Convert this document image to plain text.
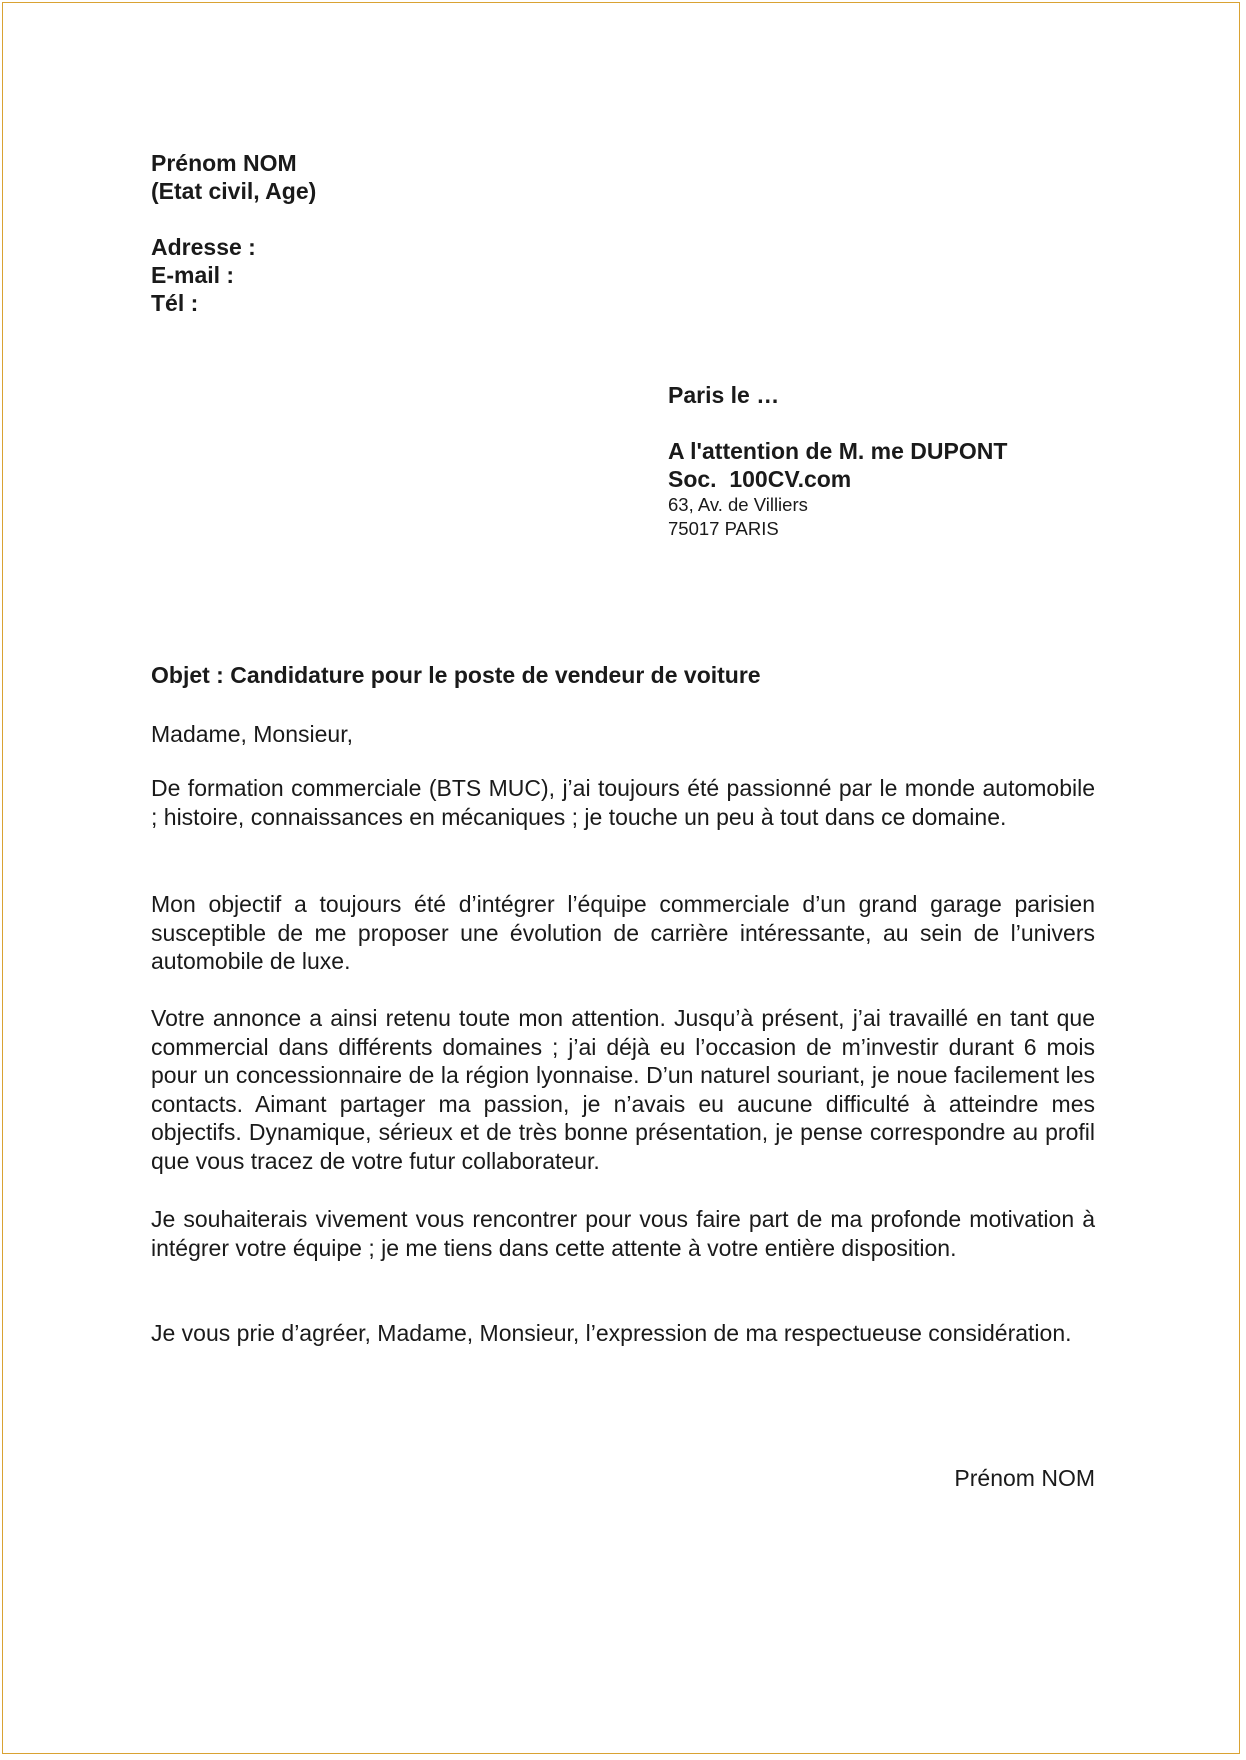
Prénom NOM
(Etat civil, Age)
Adresse :
E-mail :
Tél :
Paris le …
A l'attention de M. me DUPONT
Soc.  100CV.com
63, Av. de Villiers
75017 PARIS
Objet : Candidature pour le poste de vendeur de voiture
Madame, Monsieur,
De formation commerciale (BTS MUC), j’ai toujours été passionné par le monde automobile ; histoire, connaissances en mécaniques ; je touche un peu à tout dans ce domaine.
Mon objectif a toujours été d’intégrer l’équipe commerciale d’un grand garage parisien susceptible de me proposer une évolution de carrière intéressante, au sein de l’univers automobile de luxe.
Votre annonce a ainsi retenu toute mon attention. Jusqu’à présent, j’ai travaillé en tant que commercial dans différents domaines ; j’ai déjà eu l’occasion de m’investir durant 6 mois pour un concessionnaire de la région lyonnaise. D’un naturel souriant, je noue facilement les contacts. Aimant partager ma passion, je n’avais eu aucune difficulté à atteindre mes objectifs. Dynamique, sérieux et de très bonne présentation, je pense correspondre au profil que vous tracez de votre futur collaborateur.
Je souhaiterais vivement vous rencontrer pour vous faire part de ma profonde motivation à intégrer votre équipe ; je me tiens dans cette attente à votre entière disposition.
Je vous prie d’agréer, Madame, Monsieur, l’expression de ma respectueuse considération.
Prénom NOM
